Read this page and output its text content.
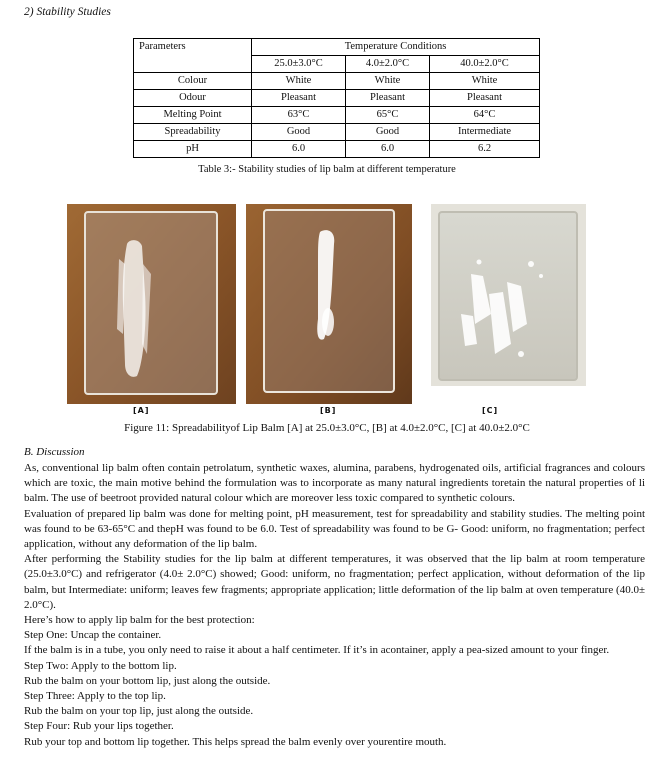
2) Stability Studies
Parameters	Temperature Conditions		
	25.0±3.0°C	4.0±2.0°C	40.0±2.0°C
Colour	White	White	White
Odour	Pleasant	Pleasant	Pleasant
Melting Point	63°C	65°C	64°C
Spreadability	Good	Good	Intermediate
pH	6.0	6.0	6.2
Table 3:- Stability studies of lip balm at different temperature
[A]	[B]	[C]
Figure 11: Spreadabilityof Lip Balm [A] at 25.0±3.0°C, [B] at 4.0±2.0°C, [C] at 40.0±2.0°C
B. Discussion

As, conventional lip balm often contain petrolatum, synthetic waxes, alumina, parabens, hydrogenated oils, artificial fragrances and colours which are toxic, the main motive behind the formulation was to incorporate as many natural ingredients toretain the natural properties of li balm. The use of beetroot provided natural colour which are moreover less toxic compared to synthetic colours.

Evaluation of prepared lip balm was done for melting point, pH measurement, test for spreadability and stability studies. The melting point was found to be 63-65°C and thepH was found to be 6.0. Test of spreadability was found to be G- Good: uniform, no fragmentation; perfect application, without any deformation of the lip balm.

After performing the Stability studies for the lip balm at different temperatures, it was observed that the lip balm at room temperature (25.0±3.0°C) and refrigerator (4.0± 2.0°C) showed; Good: uniform, no fragmentation; perfect application, without deformation of the lip balm, but Intermediate: uniform; leaves few fragments; appropriate application; little deformation of the lip balm at oven temperature (40.0± 2.0°C).

Here’s how to apply lip balm for the best protection:

Step One: Uncap the container.

If the balm is in a tube, you only need to raise it about a half centimeter. If it’s in acontainer, apply a pea-sized amount to your finger.

Step Two: Apply to the bottom lip.

Rub the balm on your bottom lip, just along the outside.

Step Three: Apply to the top lip.

Rub the balm on your top lip, just along the outside.

Step Four: Rub your lips together.

Rub your top and bottom lip together. This helps spread the balm evenly over yourentire mouth.
